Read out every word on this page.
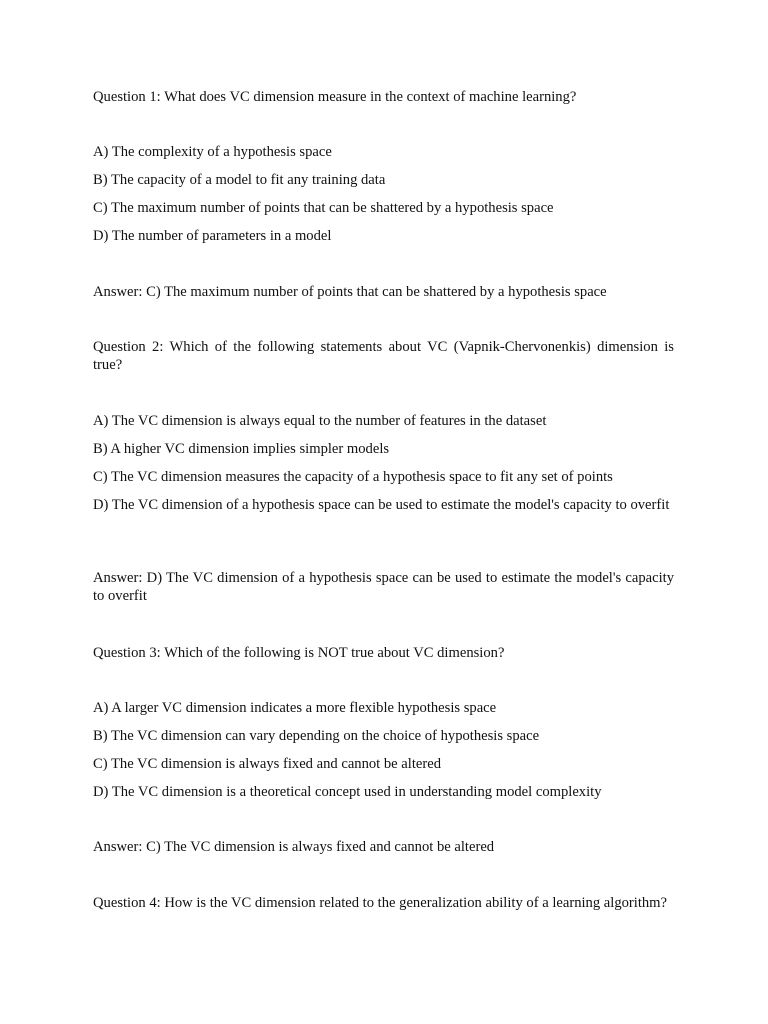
Question 1: What does VC dimension measure in the context of machine learning?

A) The complexity of a hypothesis space

B) The capacity of a model to fit any training data

C) The maximum number of points that can be shattered by a hypothesis space

D) The number of parameters in a model

Answer: C) The maximum number of points that can be shattered by a hypothesis space

Question 2: Which of the following statements about VC (Vapnik-Chervonenkis) dimension is true?

A) The VC dimension is always equal to the number of features in the dataset

B) A higher VC dimension implies simpler models

C) The VC dimension measures the capacity of a hypothesis space to fit any set of points

D) The VC dimension of a hypothesis space can be used to estimate the model's capacity to overfit

Answer: D) The VC dimension of a hypothesis space can be used to estimate the model's capacity to overfit

Question 3: Which of the following is NOT true about VC dimension?

A) A larger VC dimension indicates a more flexible hypothesis space

B) The VC dimension can vary depending on the choice of hypothesis space

C) The VC dimension is always fixed and cannot be altered

D) The VC dimension is a theoretical concept used in understanding model complexity

Answer: C) The VC dimension is always fixed and cannot be altered

Question 4: How is the VC dimension related to the generalization ability of a learning algorithm?
